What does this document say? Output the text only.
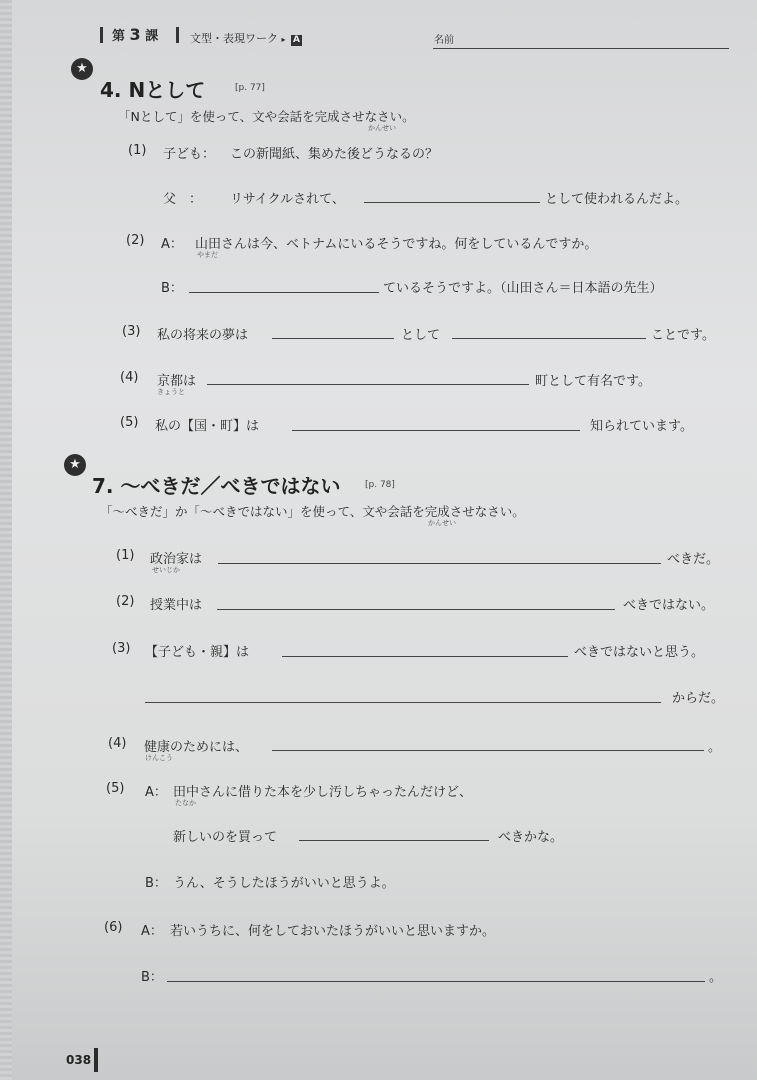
第 3 課	文型・表現ワーク ▸ A	名前
★
4. Nとして	[p. 77]
「Nとして」を使って、文や会話を完成させなさい。
かんせい
(1) 子ども： この新聞紙、集めた後どうなるの？
父　： リサイクルされて、	として使われるんだよ。
(2) A： 山田さんは今、ベトナムにいるそうですね。何をしているんですか。
やまだ
B：	ているそうですよ。（山田さん＝日本語の先生）
(3) 私の将来の夢は	として	ことです。
(4) 京都は
きょうと
町として有名です。
(5) 私の【国・町】は	知られています。
★
7. 〜べきだ／べきではない	[p. 78]
「〜べきだ」か「〜べきではない」を使って、文や会話を完成させなさい。
かんせい
(1) 政治家は
せいじか
べきだ。
(2) 授業中は	べきではない。
(3) 【子ども・親】は	べきではないと思う。
からだ。
(4) 健康のためには、
けんこう
。
(5) A： 田中さんに借りた本を少し汚しちゃったんだけど、
たなか
新しいのを買って	べきかな。
B： うん、そうしたほうがいいと思うよ。
(6) A： 若いうちに、何をしておいたほうがいいと思いますか。
B：	。
038
